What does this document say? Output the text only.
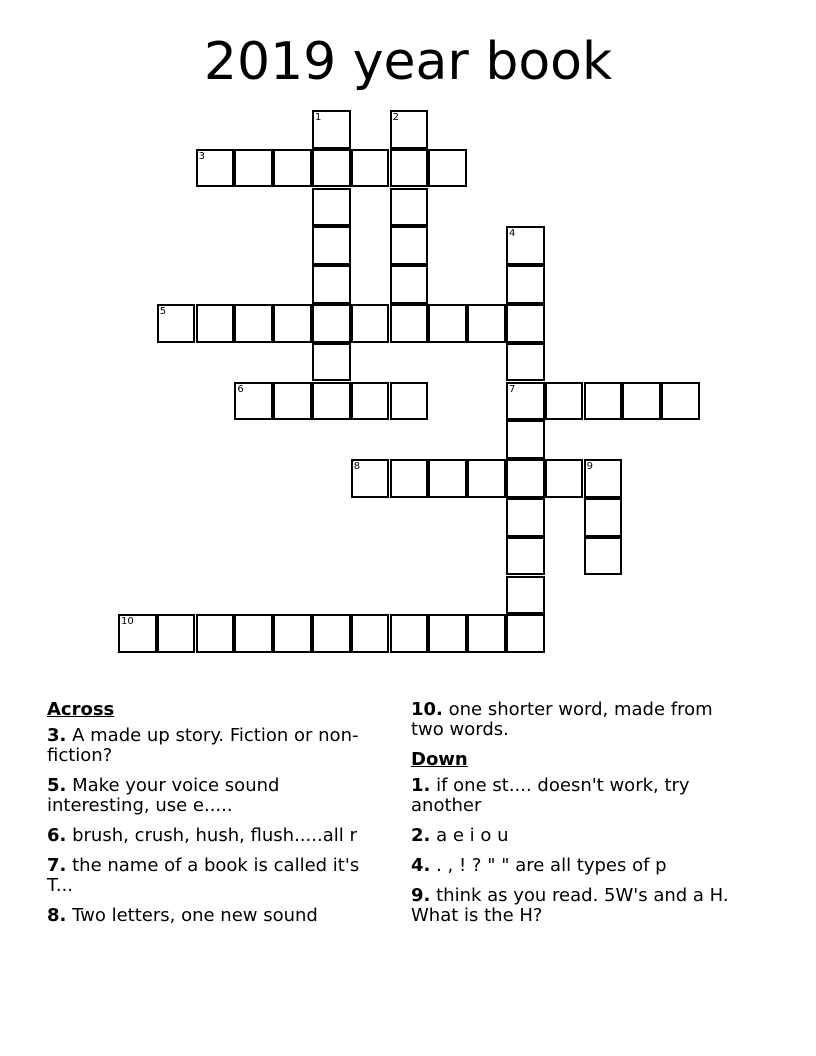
2019 year book
1	2
3
4
5
6	7
8	9
10
Across
3. A made up story. Fiction or non-fiction?
5. Make your voice sound interesting, use e.....
6. brush, crush, hush, flush.....all r
7. the name of a book is called it's T...
8. Two letters, one new sound
10. one shorter word, made from two words.
Down
1. if one st.... doesn't work, try another
2. a e i o u
4. . , ! ? " " are all types of p
9. think as you read. 5W's and a H. What is the H?
